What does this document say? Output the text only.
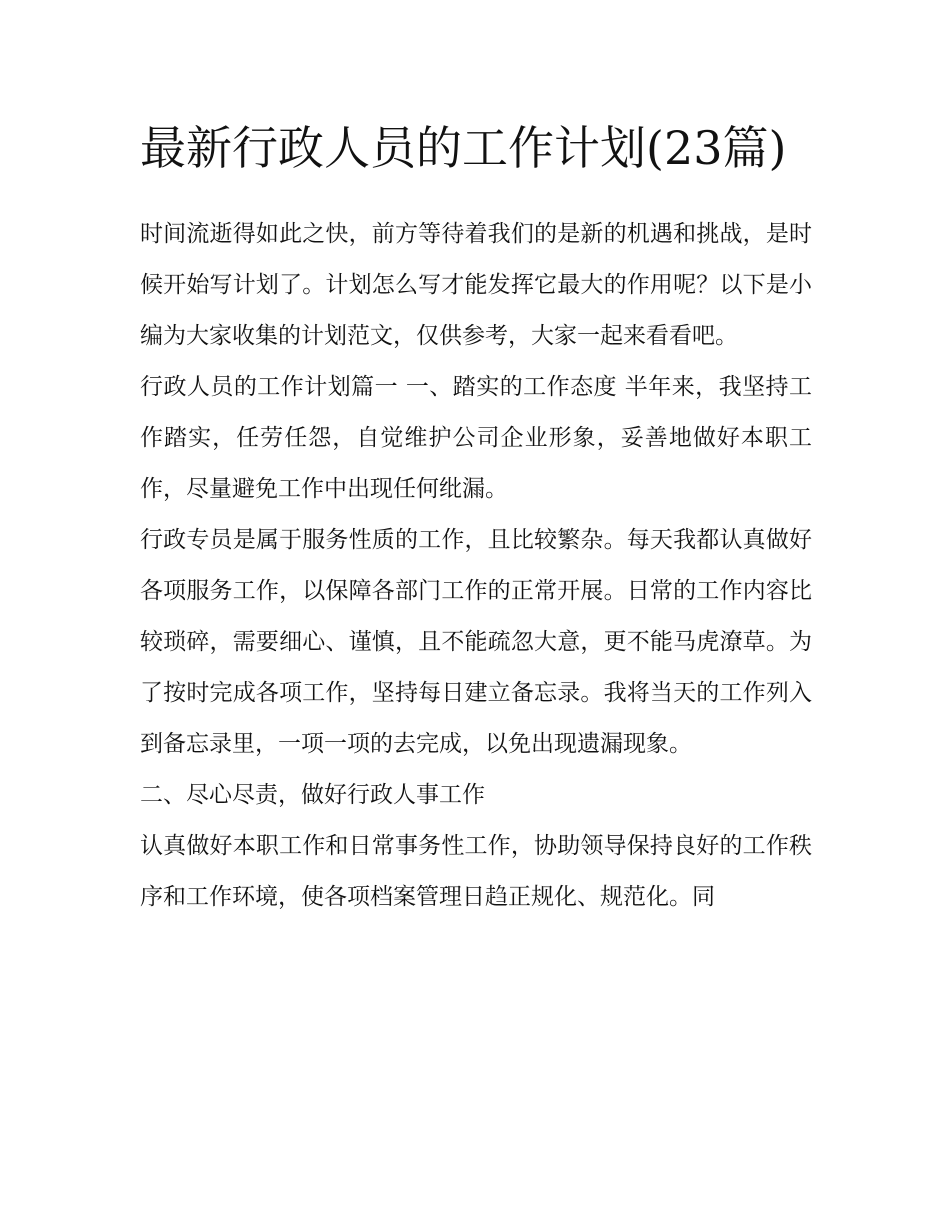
最新行政人员的工作计划(23篇)

时间流逝得如此之快，前方等待着我们的是新的机遇和挑战，是时候开始写计划了。计划怎么写才能发挥它最大的作用呢？以下是小编为大家收集的计划范文，仅供参考，大家一起来看看吧。

行政人员的工作计划篇一 一、踏实的工作态度 半年来，我坚持工作踏实，任劳任怨，自觉维护公司企业形象，妥善地做好本职工作，尽量避免工作中出现任何纰漏。

行政专员是属于服务性质的工作，且比较繁杂。每天我都认真做好各项服务工作，以保障各部门工作的正常开展。日常的工作内容比较琐碎，需要细心、谨慎，且不能疏忽大意，更不能马虎潦草。为了按时完成各项工作，坚持每日建立备忘录。我将当天的工作列入到备忘录里，一项一项的去完成，以免出现遗漏现象。

二、尽心尽责，做好行政人事工作

认真做好本职工作和日常事务性工作，协助领导保持良好的工作秩序和工作环境，使各项档案管理日趋正规化、规范化。同
